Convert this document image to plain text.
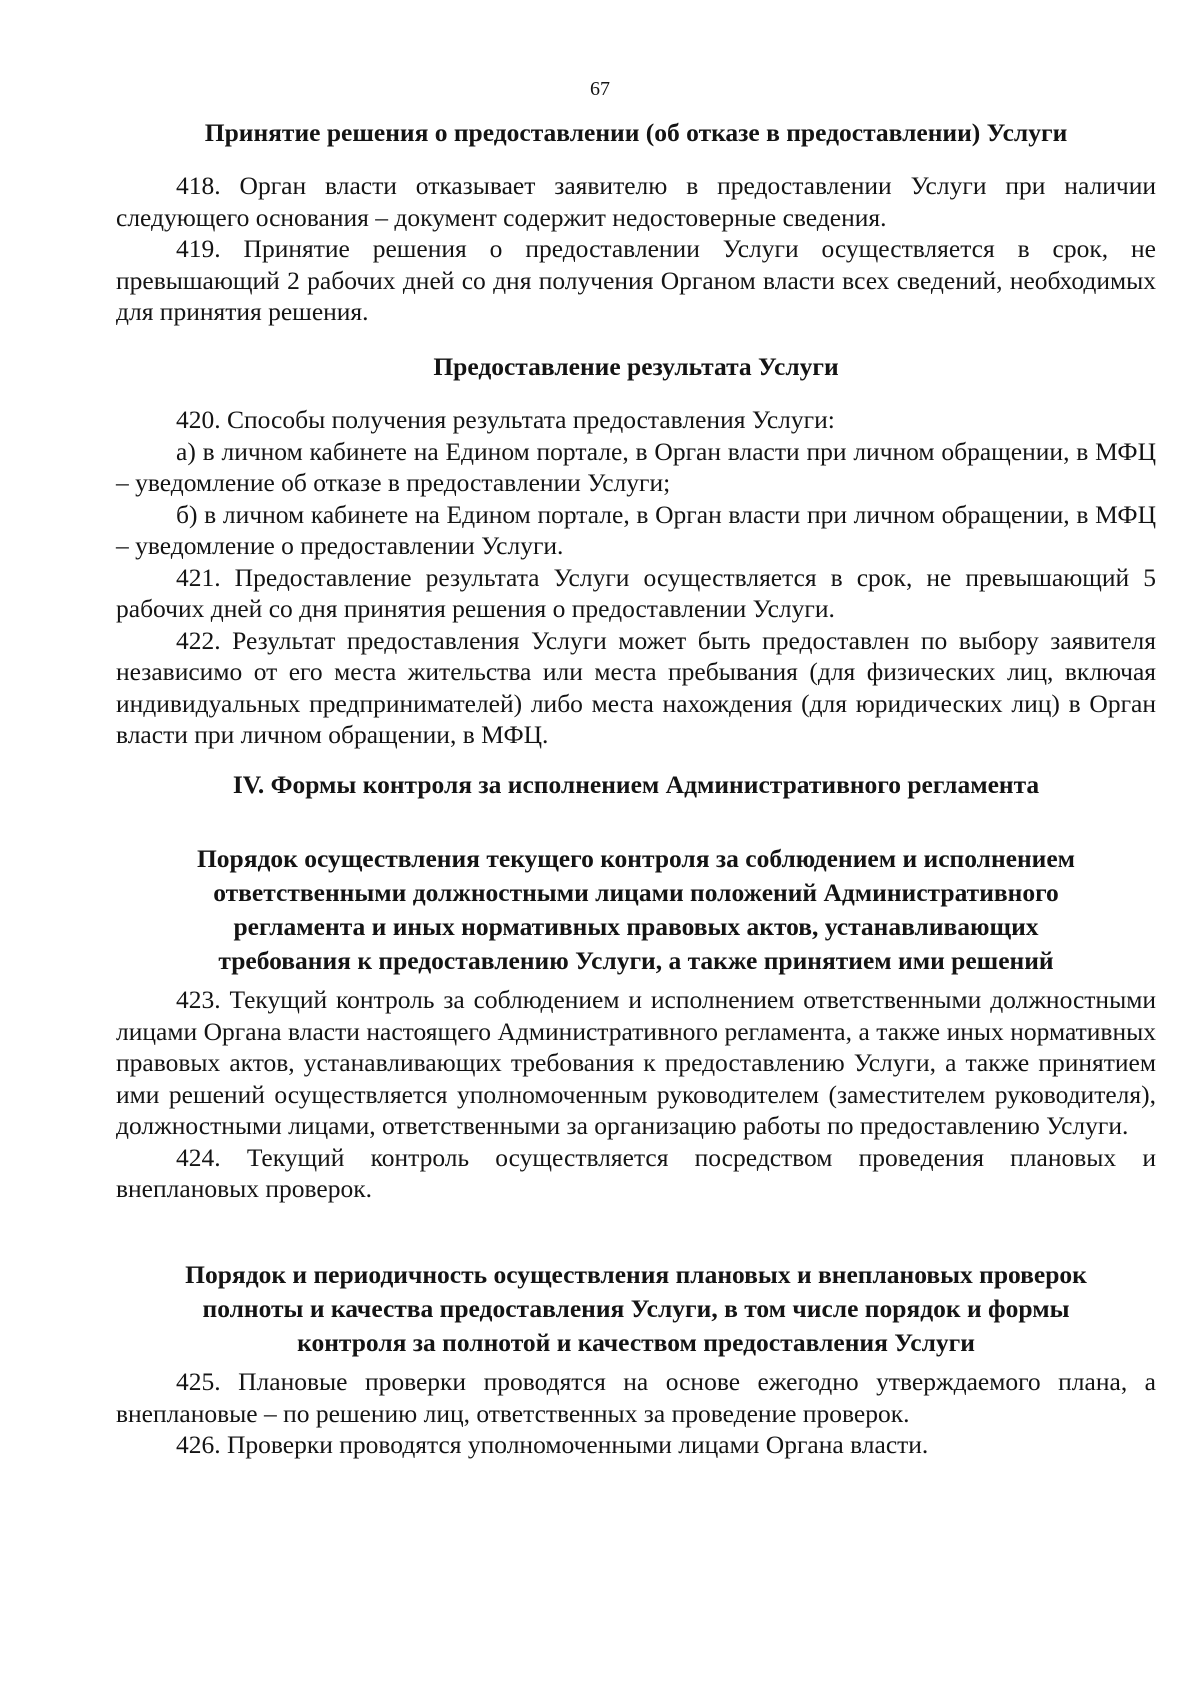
67

Принятие решения о предоставлении (об отказе в предоставлении) Услуги

418. Орган власти отказывает заявителю в предоставлении Услуги при наличии следующего основания – документ содержит недостоверные сведения.

419. Принятие решения о предоставлении Услуги осуществляется в срок, не превышающий 2 рабочих дней со дня получения Органом власти всех сведений, необходимых для принятия решения.

Предоставление результата Услуги

420. Способы получения результата предоставления Услуги:

а) в личном кабинете на Едином портале, в Орган власти при личном обращении, в МФЦ – уведомление об отказе в предоставлении Услуги;

б) в личном кабинете на Едином портале, в Орган власти при личном обращении, в МФЦ – уведомление о предоставлении Услуги.

421. Предоставление результата Услуги осуществляется в срок, не превышающий 5 рабочих дней со дня принятия решения о предоставлении Услуги.

422. Результат предоставления Услуги может быть предоставлен по выбору заявителя независимо от его места жительства или места пребывания (для физических лиц, включая индивидуальных предпринимателей) либо места нахождения (для юридических лиц) в Орган власти при личном обращении, в МФЦ.

IV. Формы контроля за исполнением Административного регламента

Порядок осуществления текущего контроля за соблюдением и исполнением

ответственными должностными лицами положений Административного

регламента и иных нормативных правовых актов, устанавливающих

требования к предоставлению Услуги, а также принятием ими решений

423. Текущий контроль за соблюдением и исполнением ответственными должностными лицами Органа власти настоящего Административного регламента, а также иных нормативных правовых актов, устанавливающих требования к предоставлению Услуги, а также принятием ими решений осуществляется уполномоченным руководителем (заместителем руководителя), должностными лицами, ответственными за организацию работы по предоставлению Услуги.

424. Текущий контроль осуществляется посредством проведения плановых и внеплановых проверок.

Порядок и периодичность осуществления плановых и внеплановых проверок

полноты и качества предоставления Услуги, в том числе порядок и формы

контроля за полнотой и качеством предоставления Услуги

425. Плановые проверки проводятся на основе ежегодно утверждаемого плана, а внеплановые – по решению лиц, ответственных за проведение проверок.

426. Проверки проводятся уполномоченными лицами Органа власти.
